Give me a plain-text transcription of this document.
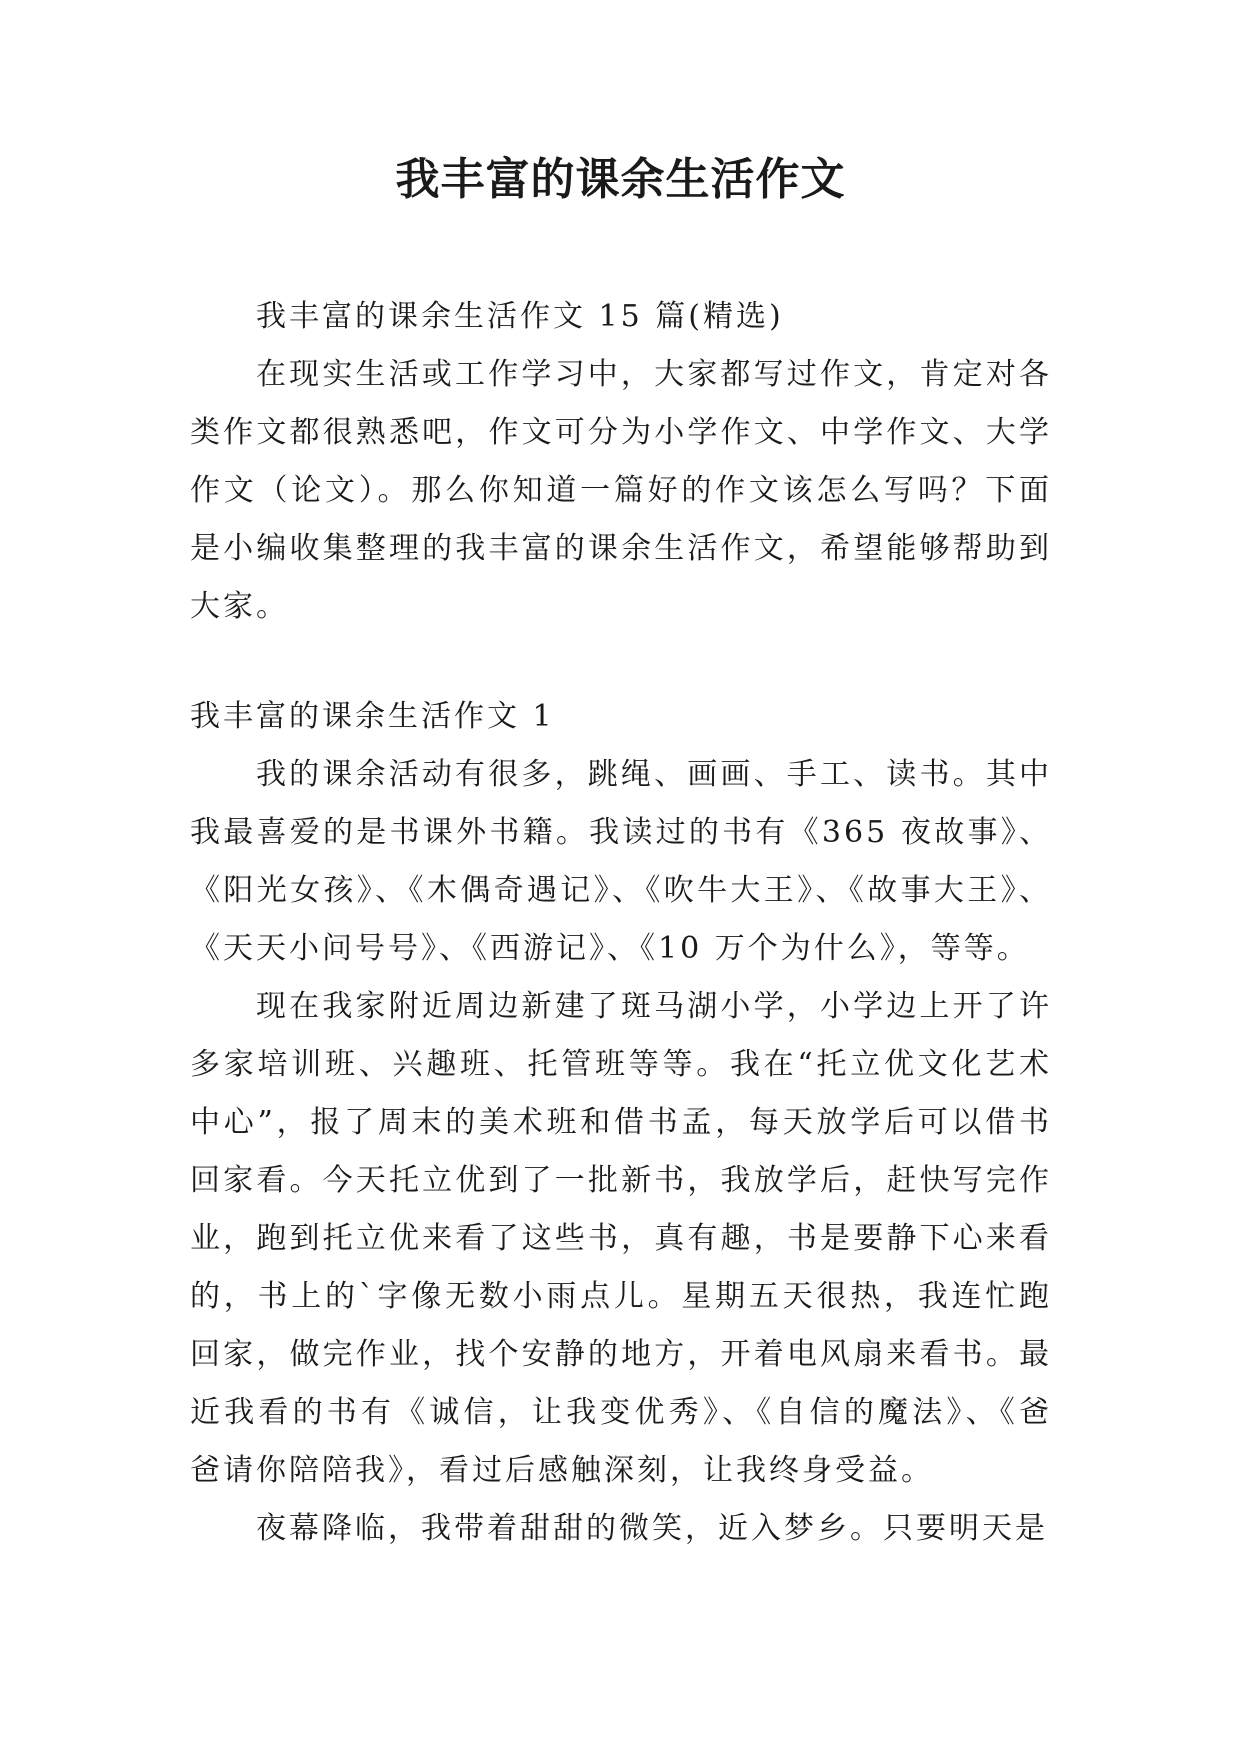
我丰富的课余生活作文

我丰富的课余生活作文 15 篇(精选)

在现实生活或工作学习中，大家都写过作文，肯定对各类作文都很熟悉吧，作文可分为小学作文、中学作文、大学作文（论文）。那么你知道一篇好的作文该怎么写吗？下面是小编收集整理的我丰富的课余生活作文，希望能够帮助到大家。

我丰富的课余生活作文 1

我的课余活动有很多，跳绳、画画、手工、读书。其中我最喜爱的是书课外书籍。我读过的书有《365 夜故事》、《阳光女孩》、《木偶奇遇记》、《吹牛大王》、《故事大王》、《天天小问号号》、《西游记》、《10 万个为什么》，等等。

现在我家附近周边新建了斑马湖小学，小学边上开了许多家培训班、兴趣班、托管班等等。我在“托立优文化艺术中心”，报了周末的美术班和借书孟，每天放学后可以借书回家看。今天托立优到了一批新书，我放学后，赶快写完作业，跑到托立优来看了这些书，真有趣，书是要静下心来看的，书上的`字像无数小雨点儿。星期五天很热，我连忙跑回家，做完作业，找个安静的地方，开着电风扇来看书。最近我看的书有《诚信，让我变优秀》、《自信的魔法》、《爸爸请你陪陪我》，看过后感触深刻，让我终身受益。

夜幕降临，我带着甜甜的微笑，近入梦乡。只要明天是
